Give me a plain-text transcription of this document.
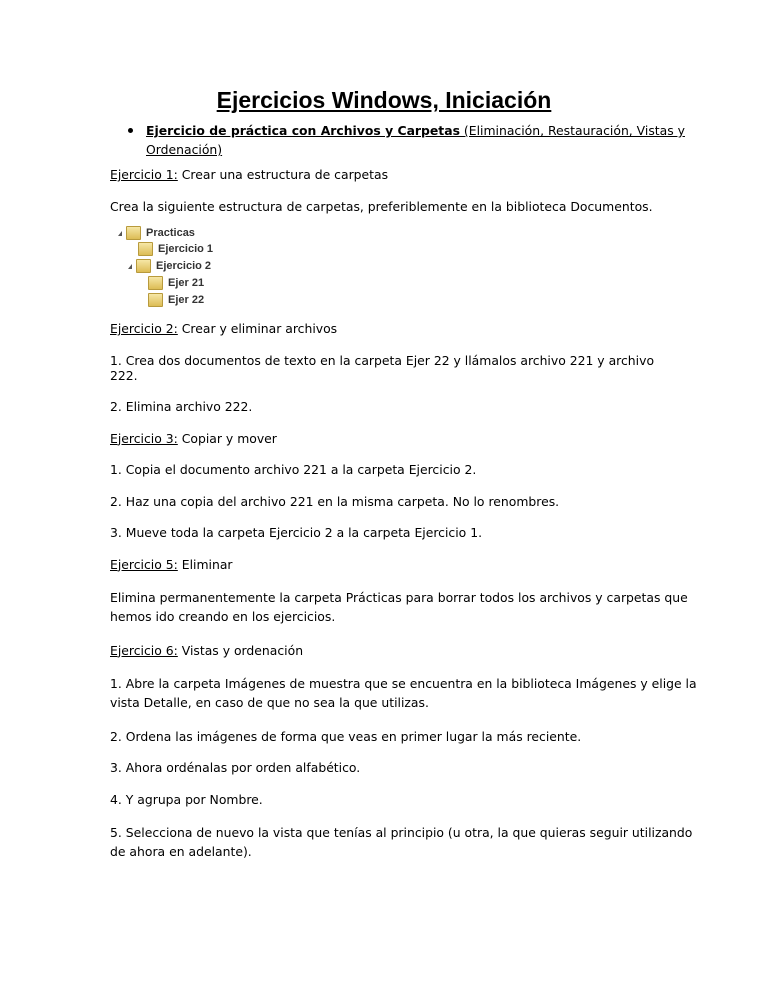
Ejercicios Windows, Iniciación
Ejercicio de práctica con Archivos y Carpetas (Eliminación, Restauración, Vistas y
Ordenación)

Ejercicio 1: Crear una estructura de carpetas

Crea la siguiente estructura de carpetas, preferiblemente en la biblioteca Documentos.

Practicas
Ejercicio 1
Ejercicio 2
Ejer 21
Ejer 22

Ejercicio 2: Crear y eliminar archivos

1. Crea dos documentos de texto en la carpeta Ejer 22 y llámalos archivo 221 y archivo 222.

2. Elimina archivo 222.

Ejercicio 3: Copiar y mover

1. Copia el documento archivo 221 a la carpeta Ejercicio 2.

2. Haz una copia del archivo 221 en la misma carpeta. No lo renombres.

3. Mueve toda la carpeta Ejercicio 2 a la carpeta Ejercicio 1.

Ejercicio 5: Eliminar

Elimina permanentemente la carpeta Prácticas para borrar todos los archivos y carpetas que
hemos ido creando en los ejercicios.

Ejercicio 6: Vistas y ordenación

1. Abre la carpeta Imágenes de muestra que se encuentra en la biblioteca Imágenes y elige la
vista Detalle, en caso de que no sea la que utilizas.

2. Ordena las imágenes de forma que veas en primer lugar la más reciente.

3. Ahora ordénalas por orden alfabético.

4. Y agrupa por Nombre.

5. Selecciona de nuevo la vista que tenías al principio (u otra, la que quieras seguir utilizando
de ahora en adelante).
